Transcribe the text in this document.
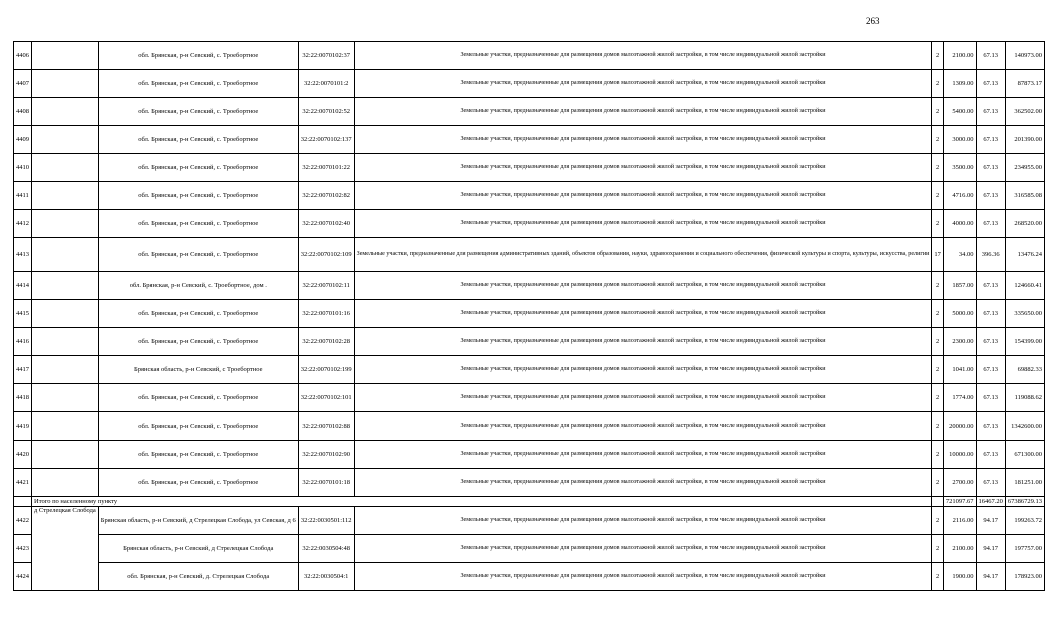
263
4406		обл. Брянская, р-н Севский, с. Троебортное	32:22:0070102:37	Земельные участки, предназначенные для размещения домов малоэтажной жилой застройки, в том числе индивидуальной жилой застройки	2	2100.00	67.13	140973.00
4407		обл. Брянская, р-н Севский, с. Троебортное	32:22:0070101:2	Земельные участки, предназначенные для размещения домов малоэтажной жилой застройки, в том числе индивидуальной жилой застройки	2	1309.00	67.13	87873.17
4408		обл. Брянская, р-н Севский, с. Троебортное	32:22:0070102:52	Земельные участки, предназначенные для размещения домов малоэтажной жилой застройки, в том числе индивидуальной жилой застройки	2	5400.00	67.13	362502.00
4409		обл. Брянская, р-н Севский, с. Троебортное	32:22:0070102:137	Земельные участки, предназначенные для размещения домов малоэтажной жилой застройки, в том числе индивидуальной жилой застройки	2	3000.00	67.13	201390.00
4410		обл. Брянская, р-н Севский, с. Троебортное	32:22:0070101:22	Земельные участки, предназначенные для размещения домов малоэтажной жилой застройки, в том числе индивидуальной жилой застройки	2	3500.00	67.13	234955.00
4411		обл. Брянская, р-н Севский, с. Троебортное	32:22:0070102:82	Земельные участки, предназначенные для размещения домов малоэтажной жилой застройки, в том числе индивидуальной жилой застройки	2	4716.00	67.13	316585.08
4412		обл. Брянская, р-н Севский, с. Троебортное	32:22:0070102:40	Земельные участки, предназначенные для размещения домов малоэтажной жилой застройки, в том числе индивидуальной жилой застройки	2	4000.00	67.13	268520.00
4413		обл. Брянская, р-н Севский, с. Троебортное	32:22:0070102:109	Земельные участки, предназначенные для размещения административных зданий, объектов образования, науки, здравоохранения и социального обеспечения, физической культуры и спорта, культуры, искусства, религии	17	34.00	396.36	13476.24
4414		обл. Брянская, р-н Севский, с. Троебортное, дом .	32:22:0070102:11	Земельные участки, предназначенные для размещения домов малоэтажной жилой застройки, в том числе индивидуальной жилой застройки	2	1857.00	67.13	124660.41
4415		обл. Брянская, р-н Севский, с. Троебортное	32:22:0070101:16	Земельные участки, предназначенные для размещения домов малоэтажной жилой застройки, в том числе индивидуальной жилой застройки	2	5000.00	67.13	335650.00
4416		обл. Брянская, р-н Севский, с. Троебортное	32:22:0070102:28	Земельные участки, предназначенные для размещения домов малоэтажной жилой застройки, в том числе индивидуальной жилой застройки	2	2300.00	67.13	154399.00
4417		Брянская область, р-н Севский, с Троебортное	32:22:0070102:199	Земельные участки, предназначенные для размещения домов малоэтажной жилой застройки, в том числе индивидуальной жилой застройки	2	1041.00	67.13	69882.33
4418		обл. Брянская, р-н Севский, с. Троебортное	32:22:0070102:101	Земельные участки, предназначенные для размещения домов малоэтажной жилой застройки, в том числе индивидуальной жилой застройки	2	1774.00	67.13	119088.62
4419		обл. Брянская, р-н Севский, с. Троебортное	32:22:0070102:88	Земельные участки, предназначенные для размещения домов малоэтажной жилой застройки, в том числе индивидуальной жилой застройки	2	20000.00	67.13	1342600.00
4420		обл. Брянская, р-н Севский, с. Троебортное	32:22:0070102:90	Земельные участки, предназначенные для размещения домов малоэтажной жилой застройки, в том числе индивидуальной жилой застройки	2	10000.00	67.13	671300.00
4421		обл. Брянская, р-н Севский, с. Троебортное	32:22:0070101:18	Земельные участки, предназначенные для размещения домов малоэтажной жилой застройки, в том числе индивидуальной жилой застройки	2	2700.00	67.13	181251.00
	Итого по населенному пункту					721097.67	16467.20	67386729.13
4422	д Стрелецкая Слобода	Брянская область, р-н Севский, д Стрелецкая Слобода, ул Севская, д 6	32:22:0030501:112	Земельные участки, предназначенные для размещения домов малоэтажной жилой застройки, в том числе индивидуальной жилой застройки	2	2116.00	94.17	199263.72
4423		Брянская область, р-н Севский, д Стрелецкая Слобода	32:22:0030504:48	Земельные участки, предназначенные для размещения домов малоэтажной жилой застройки, в том числе индивидуальной жилой застройки	2	2100.00	94.17	197757.00
4424		обл. Брянская, р-н Севский, д. Стрелецкая Слобода	32:22:0030504:1	Земельные участки, предназначенные для размещения домов малоэтажной жилой застройки, в том числе индивидуальной жилой застройки	2	1900.00	94.17	178923.00
